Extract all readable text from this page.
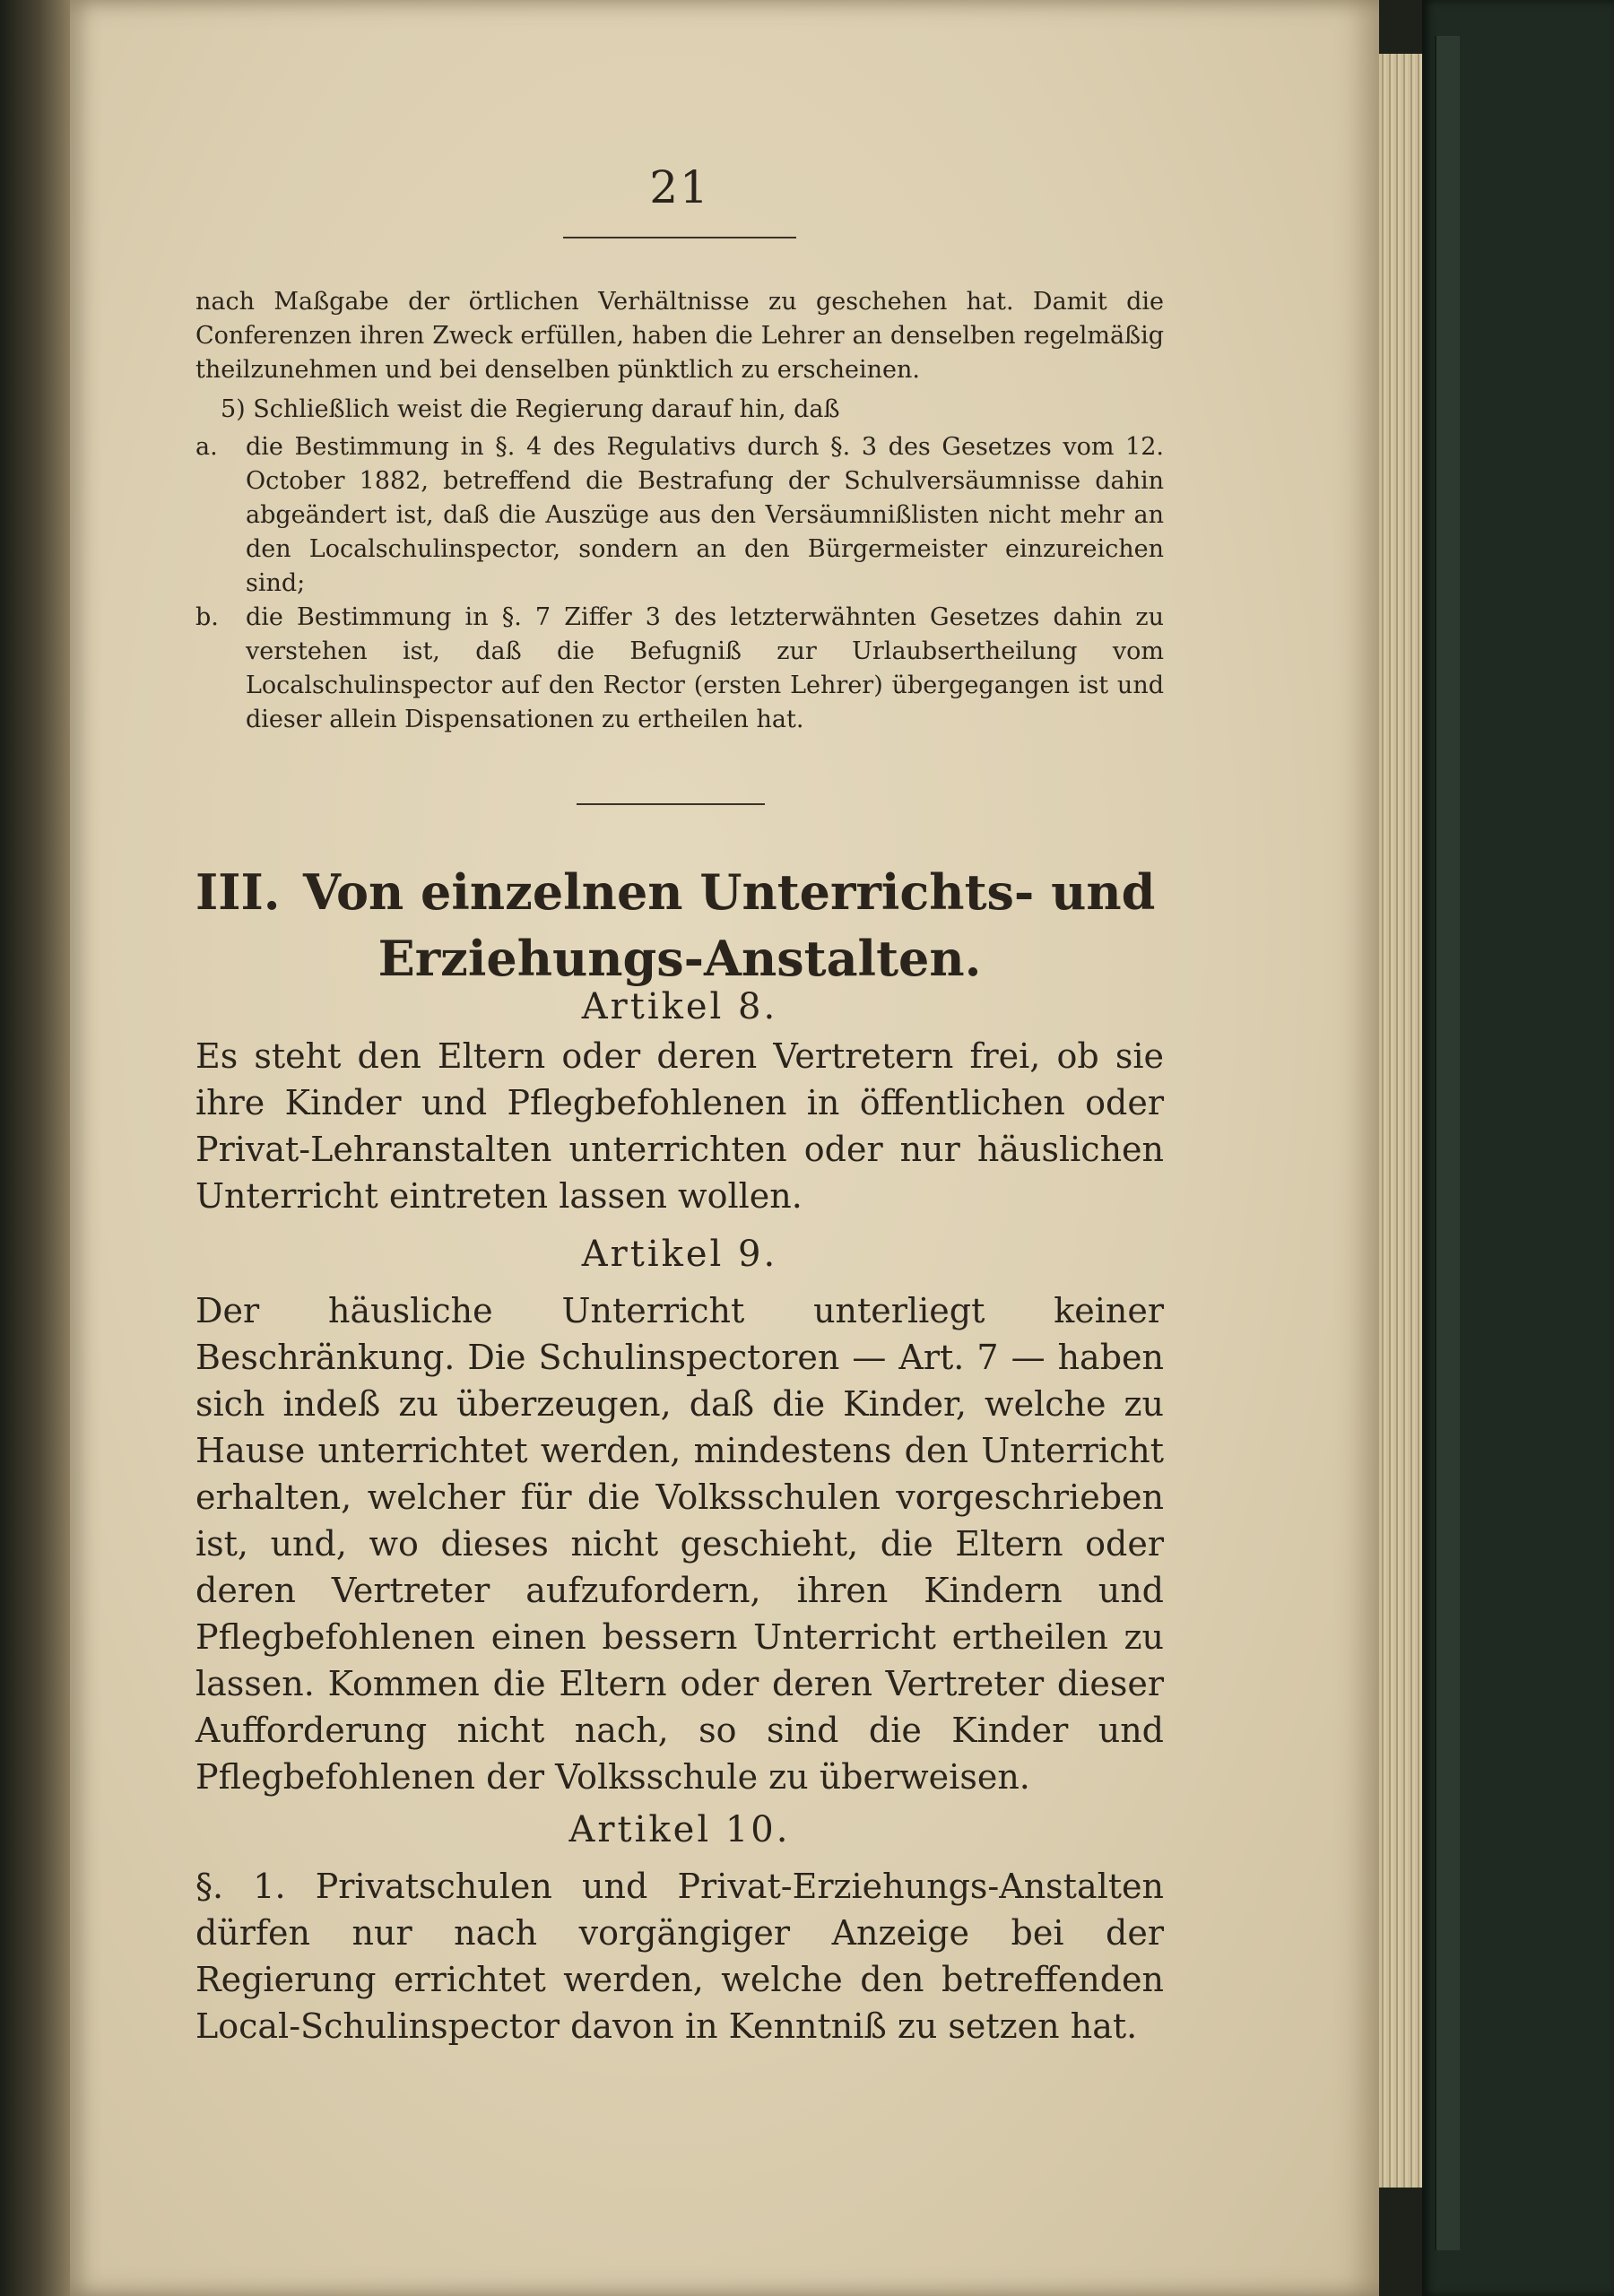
21
nach Maßgabe der örtlichen Verhältnisse zu geschehen hat. Damit die Conferenzen ihren Zweck erfüllen, haben die Lehrer an denselben regelmäßig theilzunehmen und bei denselben pünktlich zu erscheinen.
5) Schließlich weist die Regierung darauf hin, daß
a. die Bestimmung in §. 4 des Regulativs durch §. 3 des Gesetzes vom 12. October 1882, betreffend die Bestrafung der Schulversäumnisse dahin abgeändert ist, daß die Auszüge aus den Versäumnißlisten nicht mehr an den Localschulinspector, sondern an den Bürgermeister einzureichen sind;
b. die Bestimmung in §. 7 Ziffer 3 des letzterwähnten Gesetzes dahin zu verstehen ist, daß die Befugniß zur Urlaubsertheilung vom Localschulinspector auf den Rector (ersten Lehrer) übergegangen ist und dieser allein Dispensationen zu ertheilen hat.
III. Von einzelnen Unterrichts- und
Erziehungs-Anstalten.
Artikel 8.
Es steht den Eltern oder deren Vertretern frei, ob sie ihre Kinder und Pflegbefohlenen in öffentlichen oder Privat-Lehranstalten unterrichten oder nur häuslichen Unterricht eintreten lassen wollen.
Artikel 9.
Der häusliche Unterricht unterliegt keiner Beschränkung. Die Schulinspectoren — Art. 7 — haben sich indeß zu überzeugen, daß die Kinder, welche zu Hause unterrichtet werden, mindestens den Unterricht erhalten, welcher für die Volksschulen vorgeschrieben ist, und, wo dieses nicht geschieht, die Eltern oder deren Vertreter aufzufordern, ihren Kindern und Pflegbefohlenen einen bessern Unterricht ertheilen zu lassen. Kommen die Eltern oder deren Vertreter dieser Aufforderung nicht nach, so sind die Kinder und Pflegbefohlenen der Volksschule zu überweisen.
Artikel 10.
§. 1. Privatschulen und Privat-Erziehungs-Anstalten dürfen nur nach vorgängiger Anzeige bei der Regierung errichtet werden, welche den betreffenden Local-Schulinspector davon in Kenntniß zu setzen hat.
